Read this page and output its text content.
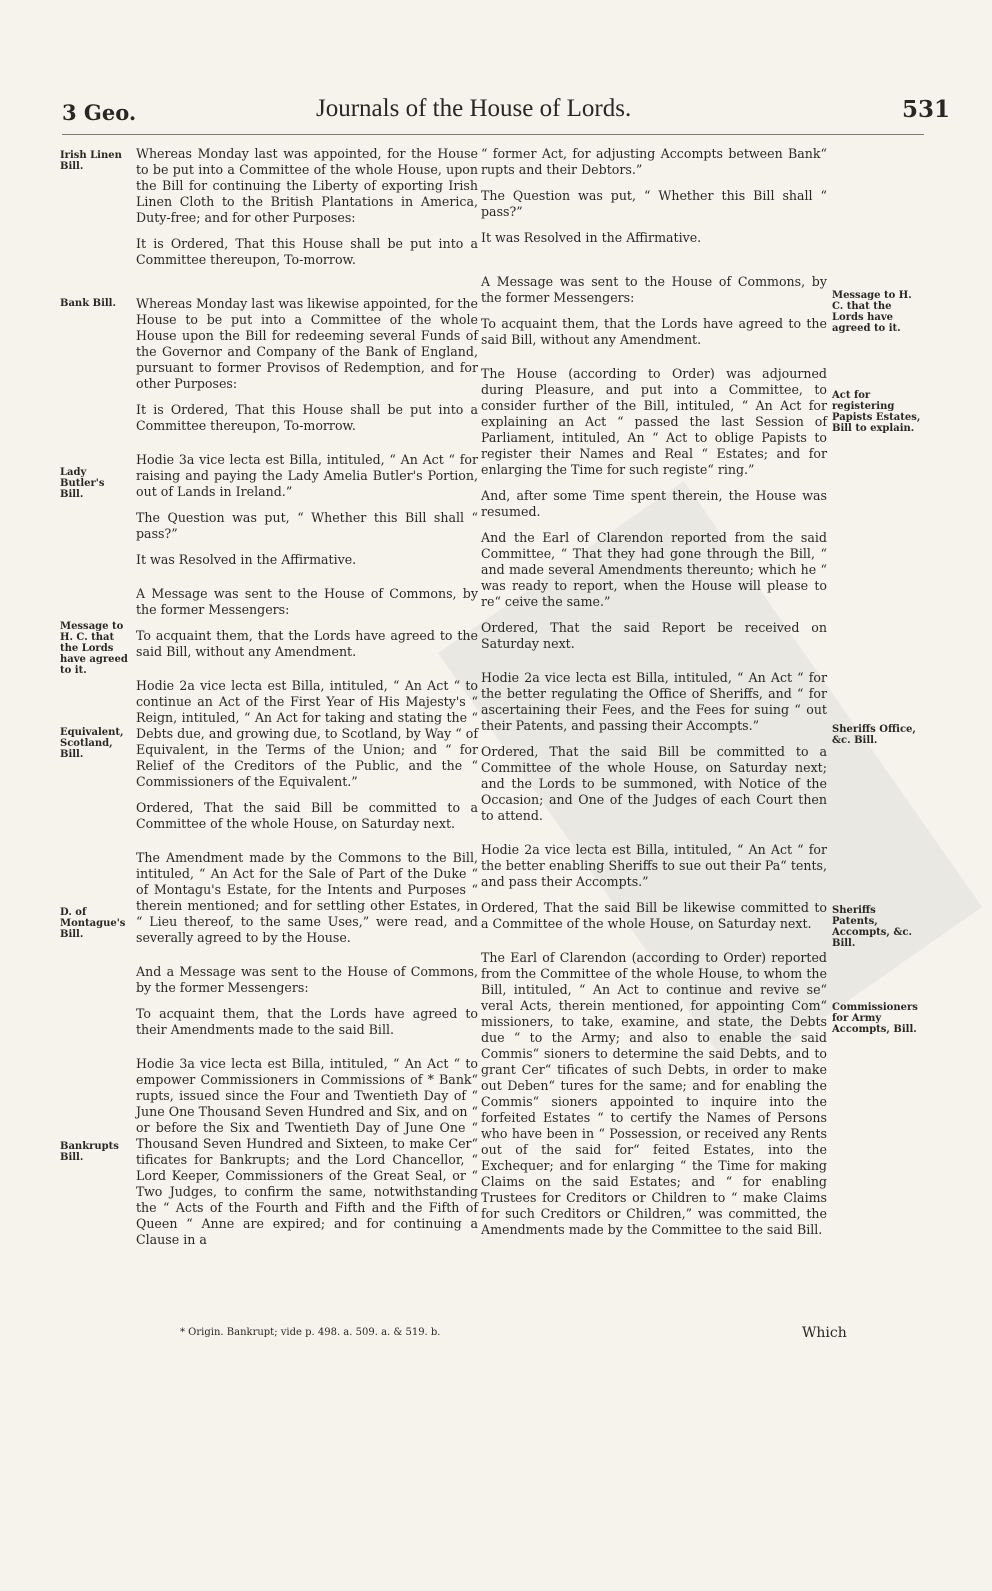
3 Geo.	Journals of the House of Lords.	531

Whereas Monday last was appointed, for the House to be put into a Committee of the whole House, upon the Bill for continuing the Liberty of exporting Irish Linen Cloth to the British Plantations in America, Duty-free; and for other Purposes:

It is Ordered, That this House shall be put into a Committee thereupon, To-morrow.

Whereas Monday last was likewise appointed, for the House to be put into a Committee of the whole House upon the Bill for redeeming several Funds of the Governor and Company of the Bank of England, pursuant to former Provisos of Redemption, and for other Purposes:

It is Ordered, That this House shall be put into a Committee thereupon, To-morrow.

Hodie 3a vice lecta est Billa, intituled, “ An Act “ for raising and paying the Lady Amelia Butler's Portion, out of Lands in Ireland.”

The Question was put, “ Whether this Bill shall “ pass?”

It was Resolved in the Affirmative.

A Message was sent to the House of Commons, by the former Messengers:

To acquaint them, that the Lords have agreed to the said Bill, without any Amendment.

Hodie 2a vice lecta est Billa, intituled, “ An Act “ to continue an Act of the First Year of His Majesty's “ Reign, intituled, “ An Act for taking and stating the “ Debts due, and growing due, to Scotland, by Way “ of Equivalent, in the Terms of the Union; and “ for Relief of the Creditors of the Public, and the “ Commissioners of the Equivalent.”

Ordered, That the said Bill be committed to a Committee of the whole House, on Saturday next.

The Amendment made by the Commons to the Bill, intituled, “ An Act for the Sale of Part of the Duke “ of Montagu's Estate, for the Intents and Purposes “ therein mentioned; and for settling other Estates, in “ Lieu thereof, to the same Uses,” were read, and severally agreed to by the House.

And a Message was sent to the House of Commons, by the former Messengers:

To acquaint them, that the Lords have agreed to their Amendments made to the said Bill.

Hodie 3a vice lecta est Billa, intituled, “ An Act “ to empower Commissioners in Commissions of * Bank“ rupts, issued since the Four and Twentieth Day of “ June One Thousand Seven Hundred and Six, and on “ or before the Six and Twentieth Day of June One “ Thousand Seven Hundred and Sixteen, to make Cer“ tificates for Bankrupts; and the Lord Chancellor, “ Lord Keeper, Commissioners of the Great Seal, or “ Two Judges, to confirm the same, notwithstanding the “ Acts of the Fourth and Fifth and the Fifth of Queen “ Anne are expired; and for continuing a Clause in a

“ former Act, for adjusting Accompts between Bank“ rupts and their Debtors.”

The Question was put, “ Whether this Bill shall “ pass?”

It was Resolved in the Affirmative.

A Message was sent to the House of Commons, by the former Messengers:

To acquaint them, that the Lords have agreed to the said Bill, without any Amendment.

The House (according to Order) was adjourned during Pleasure, and put into a Committee, to consider further of the Bill, intituled, “ An Act for explaining an Act “ passed the last Session of Parliament, intituled, An “ Act to oblige Papists to register their Names and Real “ Estates; and for enlarging the Time for such registe“ ring.”

And, after some Time spent therein, the House was resumed.

And the Earl of Clarendon reported from the said Committee, “ That they had gone through the Bill, “ and made several Amendments thereunto; which he “ was ready to report, when the House will please to re“ ceive the same.”

Ordered, That the said Report be received on Saturday next.

Hodie 2a vice lecta est Billa, intituled, “ An Act “ for the better regulating the Office of Sheriffs, and “ for ascertaining their Fees, and the Fees for suing “ out their Patents, and passing their Accompts.”

Ordered, That the said Bill be committed to a Committee of the whole House, on Saturday next; and the Lords to be summoned, with Notice of the Occasion; and One of the Judges of each Court then to attend.

Hodie 2a vice lecta est Billa, intituled, “ An Act “ for the better enabling Sheriffs to sue out their Pa“ tents, and pass their Accompts.”

Ordered, That the said Bill be likewise committed to a Committee of the whole House, on Saturday next.

The Earl of Clarendon (according to Order) reported from the Committee of the whole House, to whom the Bill, intituled, “ An Act to continue and revive se“ veral Acts, therein mentioned, for appointing Com“ missioners, to take, examine, and state, the Debts due “ to the Army; and also to enable the said Commis“ sioners to determine the said Debts, and to grant Cer“ tificates of such Debts, in order to make out Deben“ tures for the same; and for enabling the Commis“ sioners appointed to inquire into the forfeited Estates “ to certify the Names of Persons who have been in “ Possession, or received any Rents out of the said for“ feited Estates, into the Exchequer; and for enlarging “ the Time for making Claims on the said Estates; and “ for enabling Trustees for Creditors or Children to “ make Claims for such Creditors or Children,” was committed, the Amendments made by the Committee to the said Bill.

Irish Linen Bill.
Bank Bill.
Lady Butler's Bill.
Message to H. C. that the Lords have agreed to it.
Equivalent, Scotland, Bill.
D. of Montague's Bill.
Bankrupts Bill.
Message to H. C. that the Lords have agreed to it.
Act for registering Papists Estates, Bill to explain.
Sheriffs Office, &c. Bill.
Sheriffs Patents, Accompts, &c. Bill.
Commissioners for Army Accompts, Bill.
* Origin. Bankrupt; vide p. 498. a. 509. a. & 519. b.	Which
